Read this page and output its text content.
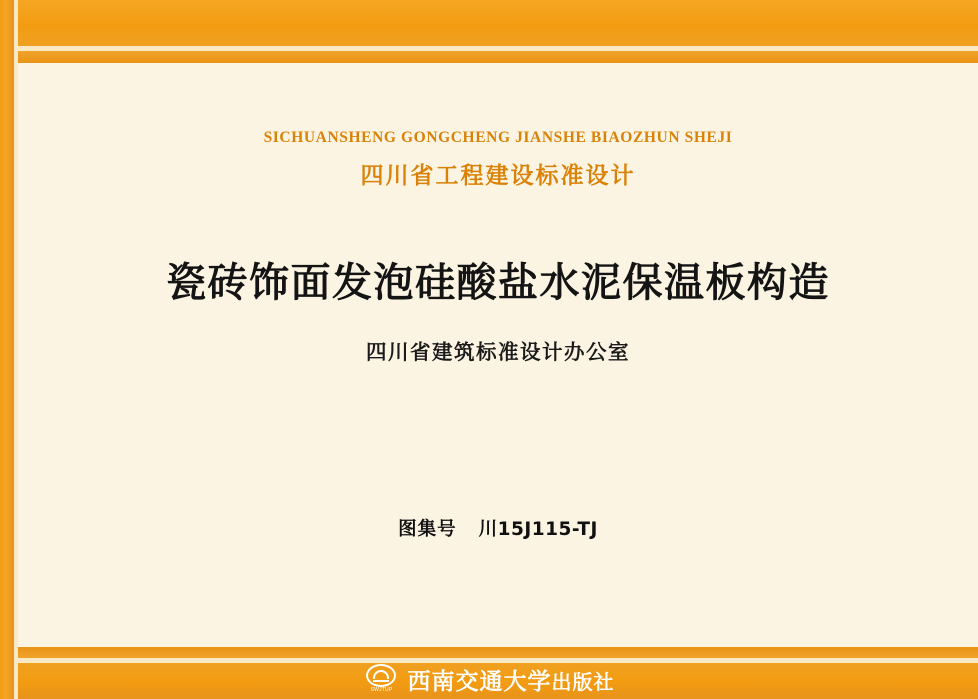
SICHUANSHENG GONGCHENG JIANSHE BIAOZHUN SHEJI
四川省工程建设标准设计
瓷砖饰面发泡硅酸盐水泥保温板构造
四川省建筑标准设计办公室
图集号 川15J115-TJ
SWJTUP 西南交通大学出版社
